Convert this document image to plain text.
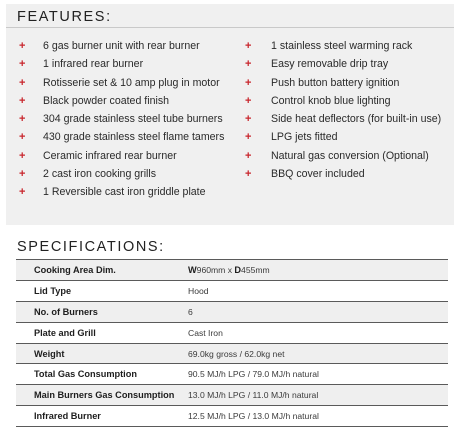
FEATURES:
+ 6 gas burner unit with rear burner
+ 1 infrared rear burner
+ Rotisserie set & 10 amp plug in motor
+ Black powder coated finish
+ 304 grade stainless steel tube burners
+ 430 grade stainless steel flame tamers
+ Ceramic infrared rear burner
+ 2 cast iron cooking grills
+ 1 Reversible cast iron griddle plate
+ 1 stainless steel warming rack
+ Easy removable drip tray
+ Push button battery ignition
+ Control knob blue lighting
+ Side heat deflectors (for built-in use)
+ LPG jets fitted
+ Natural gas conversion (Optional)
+ BBQ cover included
SPECIFICATIONS:
Cooking Area Dim.	W960mm x D455mm
Lid Type	Hood
No. of Burners	6
Plate and Grill	Cast Iron
Weight	69.0kg gross / 62.0kg net
Total Gas Consumption	90.5 MJ/h LPG / 79.0 MJ/h natural
Main Burners Gas Consumption	13.0 MJ/h LPG / 11.0 MJ/h natural
Infrared Burner	12.5 MJ/h LPG / 13.0 MJ/h natural
